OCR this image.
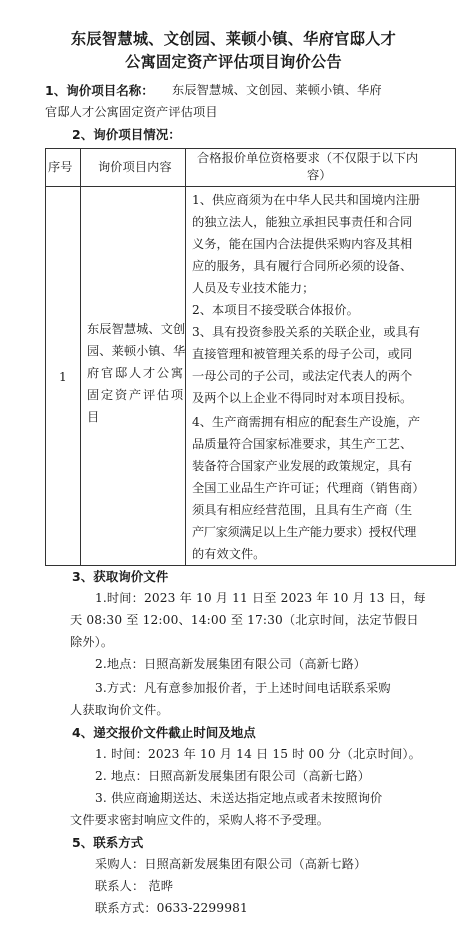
东辰智慧城、文创园、莱顿小镇、华府官邸人才
公寓固定资产评估项目询价公告
1、询价项目名称： 东辰智慧城、文创园、莱顿小镇、华府
官邸人才公寓固定资产评估项目
2、询价项目情况：
序号 询价项目内容
合格报价单位资格要求（不仅限于以下内
容）
1
东辰智慧城、文创
园、莱顿小镇、华
府官邸人才公寓
固定资产评估项
目
1、供应商须为在中华人民共和国境内注册
的独立法人，能独立承担民事责任和合同
义务，能在国内合法提供采购内容及其相
应的服务，具有履行合同所必须的设备、
人员及专业技术能力；
2、本项目不接受联合体报价。
3、具有投资参股关系的关联企业，或具有
直接管理和被管理关系的母子公司，或同
一母公司的子公司，或法定代表人的两个
及两个以上企业不得同时对本项目投标。
4、生产商需拥有相应的配套生产设施，产
品质量符合国家标准要求，其生产工艺、
装备符合国家产业发展的政策规定，具有
全国工业品生产许可证；代理商（销售商）
须具有相应经营范围，且具有生产商（生
产厂家须满足以上生产能力要求）授权代理
的有效文件。
3、获取询价文件
1.时间：2023 年 10 月 11 日至 2023 年 10 月 13 日，每
天 08:30 至 12:00、14:00 至 17:30（北京时间，法定节假日
除外）。
2.地点：日照高新发展集团有限公司（高新七路）
3.方式：凡有意参加报价者，于上述时间电话联系采购
人获取询价文件。
4、递交报价文件截止时间及地点
1. 时间：2023 年 10 月 14 日 15 时 00 分（北京时间）。
2. 地点：日照高新发展集团有限公司（高新七路）
3. 供应商逾期送达、未送达指定地点或者未按照询价
文件要求密封响应文件的，采购人将不予受理。
5、联系方式
采购人：日照高新发展集团有限公司（高新七路）
联系人： 范晔
联系方式：0633-2299981
